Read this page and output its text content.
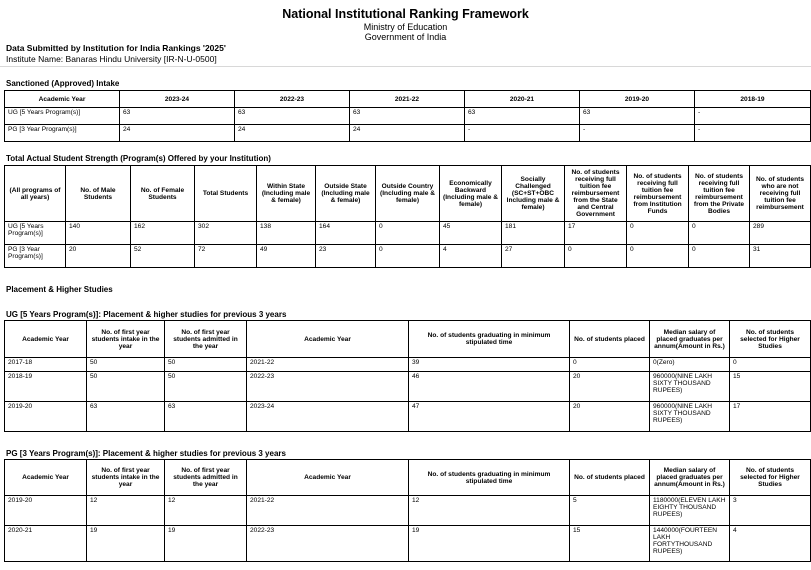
National Institutional Ranking Framework
Ministry of Education
Government of India
Data Submitted by Institution for India Rankings '2025'
Institute Name: Banaras Hindu University [IR-N-U-0500]
Sanctioned (Approved) Intake
Academic Year	2023-24	2022-23	2021-22	2020-21	2019-20	2018-19
UG [5 Years Program(s)]	63	63	63	63	63	-
PG [3 Year Program(s)]	24	24	24	-	-	-
Total Actual Student Strength (Program(s) Offered by your Institution)
(All programs of all years)	No. of Male Students	No. of Female Students	Total Students	Within State (Including male & female)	Outside State (Including male & female)	Outside Country (Including male & female)	Economically Backward (Including male & female)	Socially Challenged (SC+ST+OBC Including male & female)	No. of students receiving full tuition fee reimbursement from the State and Central Government	No. of students receiving full tuition fee reimbursement from Institution Funds	No. of students receiving full tuition fee reimbursement from the Private Bodies	No. of students who are not receiving full tuition fee reimbursement
UG [5 Years Program(s)]	140	162	302	138	164	0	45	181	17	0	0	289
PG [3 Year Program(s)]	20	52	72	49	23	0	4	27	0	0	0	31
Placement & Higher Studies
UG [5 Years Program(s)]: Placement & higher studies for previous 3 years
Academic Year	No. of first year students intake in the year	No. of first year students admitted in the year	Academic Year	No. of students graduating in minimum stipulated time	No. of students placed	Median salary of placed graduates per annum(Amount in Rs.)	No. of students selected for Higher Studies
2017-18	50	50	2021-22	39	0	0(Zero)	0
2018-19	50	50	2022-23	46	20	960000(NINE LAKH SIXTY THOUSAND RUPEES)	15
2019-20	63	63	2023-24	47	20	960000(NINE LAKH SIXTY THOUSAND RUPEES)	17
PG [3 Years Program(s)]: Placement & higher studies for previous 3 years
Academic Year	No. of first year students intake in the year	No. of first year students admitted in the year	Academic Year	No. of students graduating in minimum stipulated time	No. of students placed	Median salary of placed graduates per annum(Amount in Rs.)	No. of students selected for Higher Studies
2019-20	12	12	2021-22	12	5	1180000(ELEVEN LAKH EIGHTY THOUSAND RUPEES)	3
2020-21	19	19	2022-23	19	15	1440000(FOURTEEN LAKH FORTYTHOUSAND RUPEES)	4
